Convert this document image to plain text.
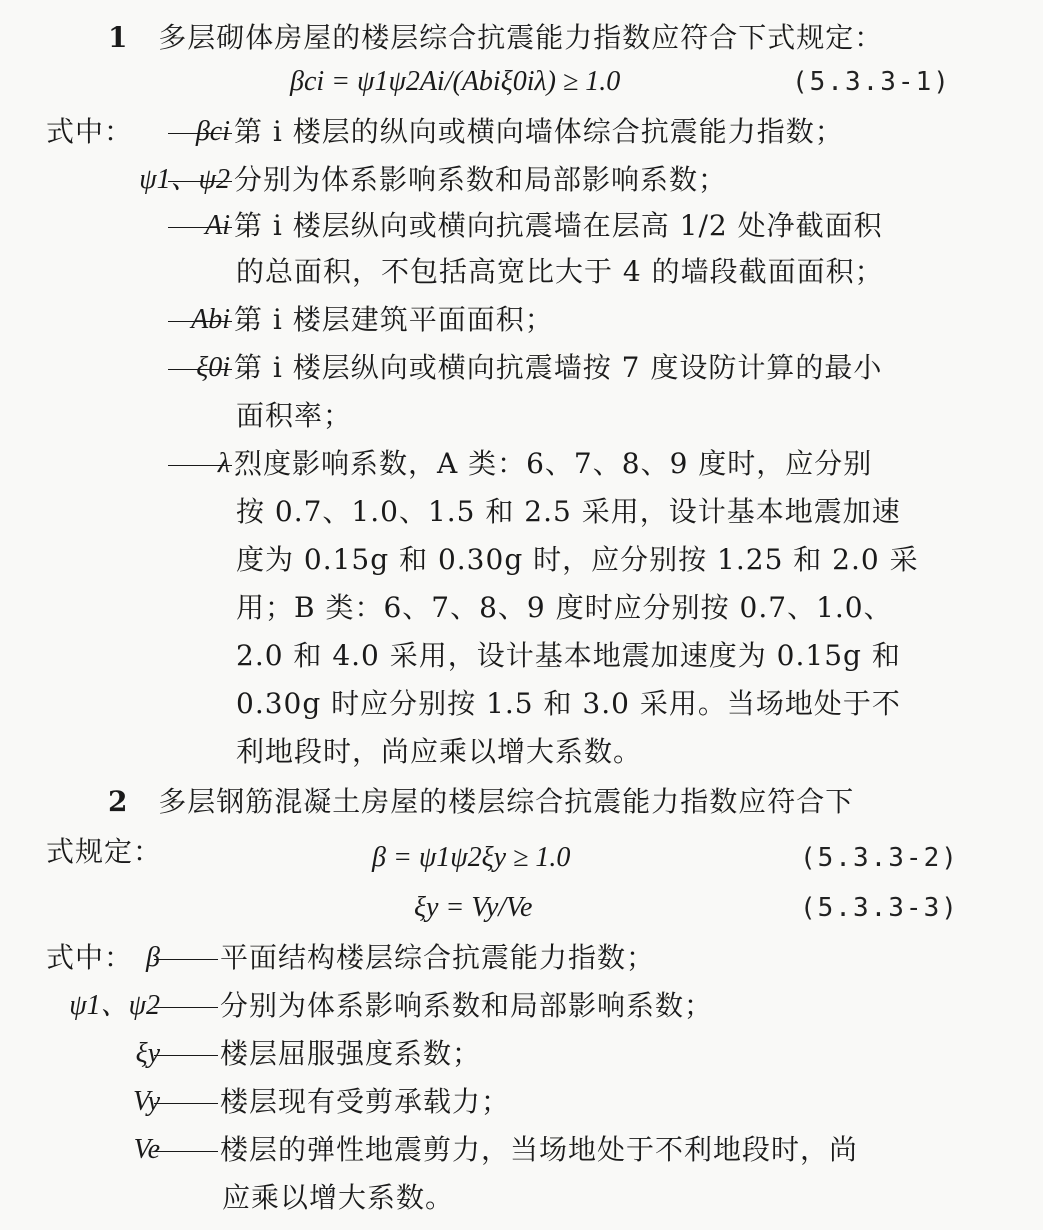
1 多层砌体房屋的楼层综合抗震能力指数应符合下式规定：
βci = ψ1ψ2Ai/(Abiξ0iλ) ≥ 1.0	(5.3.3-1)
式中：	βci 第 i 楼层的纵向或横向墙体综合抗震能力指数；
ψ1、ψ2 分别为体系影响系数和局部影响系数；
Ai 第 i 楼层纵向或横向抗震墙在层高 1/2 处净截面积
的总面积，不包括高宽比大于 4 的墙段截面面积；
Abi 第 i 楼层建筑平面面积；
ξ0i 第 i 楼层纵向或横向抗震墙按 7 度设防计算的最小
面积率；
λ 烈度影响系数，A 类：6、7、8、9 度时，应分别
按 0.7、1.0、1.5 和 2.5 采用，设计基本地震加速
度为 0.15g 和 0.30g 时，应分别按 1.25 和 2.0 采
用；B 类：6、7、8、9 度时应分别按 0.7、1.0、
2.0 和 4.0 采用，设计基本地震加速度为 0.15g 和
0.30g 时应分别按 1.5 和 3.0 采用。当场地处于不
利地段时，尚应乘以增大系数。
2 多层钢筋混凝土房屋的楼层综合抗震能力指数应符合下
式规定：	β = ψ1ψ2ξy ≥ 1.0	(5.3.3-2)
ξy = Vy/Ve	(5.3.3-3)
式中： β	平面结构楼层综合抗震能力指数；
ψ1、ψ2	分别为体系影响系数和局部影响系数；
ξy	楼层屈服强度系数；
Vy	楼层现有受剪承载力；
Ve	楼层的弹性地震剪力，当场地处于不利地段时，尚
应乘以增大系数。
